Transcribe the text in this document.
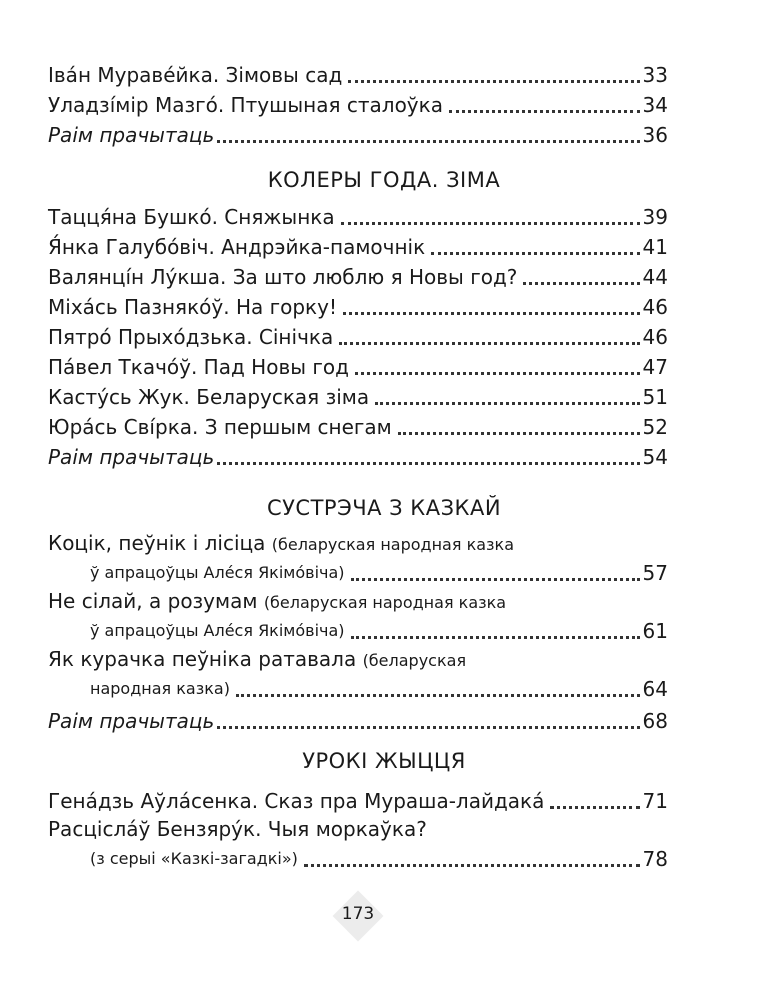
Іва́н Мураве́йка. Зімовы сад	33
Уладзі́мір Мазго́. Птушыная сталоўка	34
Раім прачытаць	36
КОЛЕРЫ ГОДА. ЗІМА
Тацця́на Бушко́. Сняжынка	39
Я́нка Галубо́віч. Андрэйка-памочнік	41
Валянці́н Лу́кша. За што люблю я Новы год?	44
Міха́сь Пазняко́ў. На горку!	46
Пятро́ Прыхо́дзька. Сінічка	46
Па́вел Ткачо́ў. Пад Новы год	47
Касту́сь Жук. Беларуская зіма	51
Юра́сь Сві́рка. З першым снегам	52
Раім прачытаць	54
СУСТРЭЧА З КАЗКАЙ
Коцік, пеўнік і лісіца (беларуская народная казка
ў апрацоўцы Але́ся Якімо́віча)	57
Не сілай, а розумам (беларуская народная казка
ў апрацоўцы Але́ся Якімо́віча)	61
Як курачка пеўніка ратавала (беларуская
народная казка)	64
Раім прачытаць	68
УРОКІ ЖЫЦЦЯ
Гена́дзь Аўла́сенка. Сказ пра Мураша-лайдака́	71
Расціслáў Бензяру́к. Чыя моркаўка?
(з серыі «Казкі-загадкі»)	78
173
